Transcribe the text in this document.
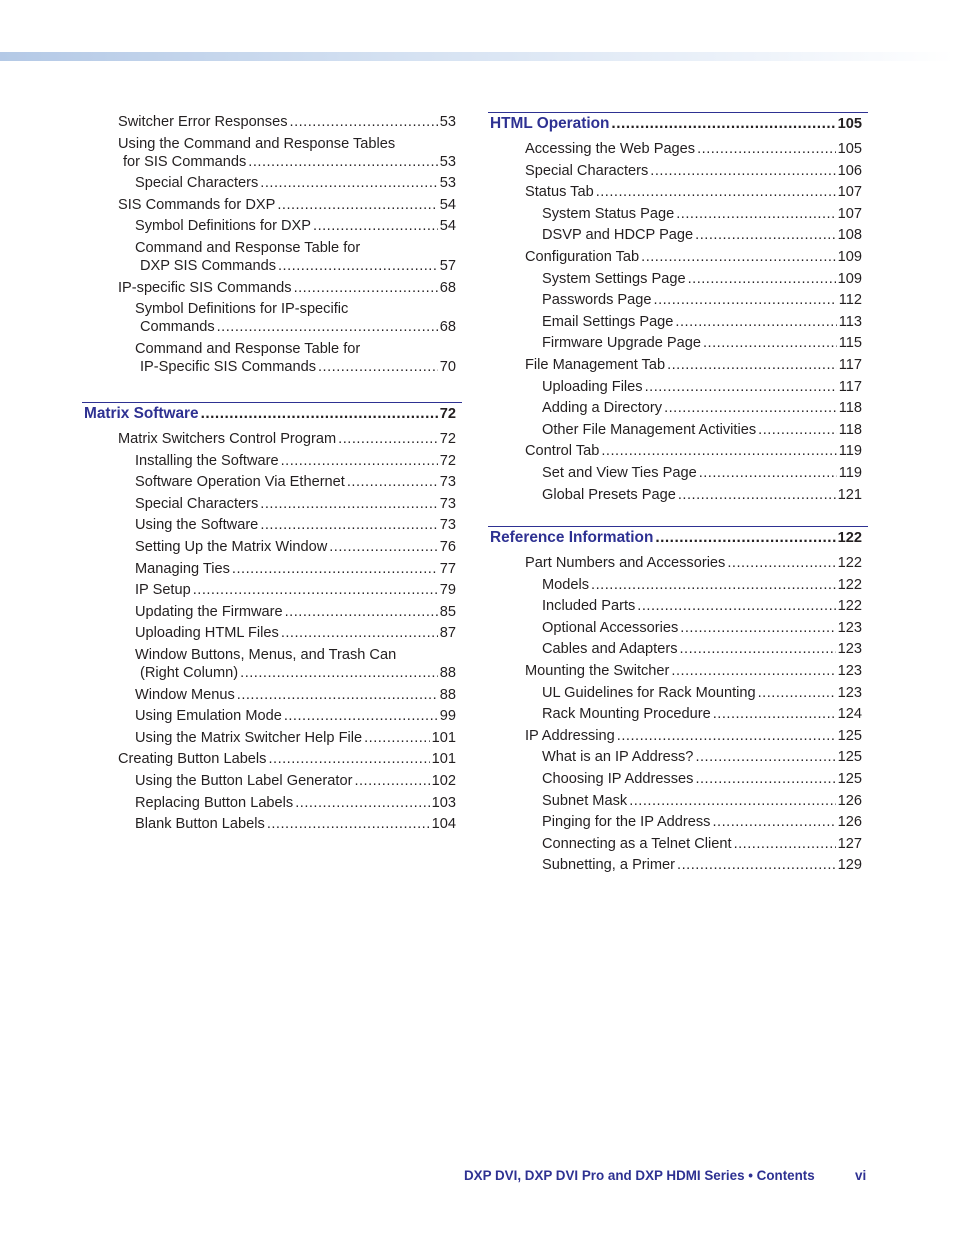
Switcher Error Responses .....	53
Using the Command and Response Tables
for SIS Commands .....	53
Special Characters .....	53
SIS Commands for DXP .....	54
Symbol Definitions for DXP .....	54
Command and Response Table for
DXP SIS Commands .....	57
IP-specific SIS Commands .....	68
Symbol Definitions for IP-specific
Commands .....	68
Command and Response Table for
IP-Specific SIS Commands .....	70
Matrix Software .....	72
Matrix Switchers Control Program .....	72
Installing the Software .....	72
Software Operation Via Ethernet .....	73
Special Characters .....	73
Using the Software .....	73
Setting Up the Matrix Window .....	76
Managing Ties .....	77
IP Setup .....	79
Updating the Firmware .....	85
Uploading HTML Files .....	87
Window Buttons, Menus, and Trash Can
(Right Column) .....	88
Window Menus .....	88
Using Emulation Mode .....	99
Using the Matrix Switcher Help File .....	101
Creating Button Labels .....	101
Using the Button Label Generator .....	102
Replacing Button Labels .....	103
Blank Button Labels .....	104
HTML Operation .....	105
Accessing the Web Pages .....	105
Special Characters .....	106
Status Tab .....	107
System Status Page .....	107
DSVP and HDCP Page .....	108
Configuration Tab .....	109
System Settings Page .....	109
Passwords Page .....	112
Email Settings Page .....	113
Firmware Upgrade Page .....	115
File Management Tab .....	117
Uploading Files .....	117
Adding a Directory .....	118
Other File Management Activities .....	118
Control Tab .....	119
Set and View Ties Page .....	119
Global Presets Page .....	121
Reference Information .....	122
Part Numbers and Accessories .....	122
Models .....	122
Included Parts .....	122
Optional Accessories .....	123
Cables and Adapters .....	123
Mounting the Switcher .....	123
UL Guidelines for Rack Mounting .....	123
Rack Mounting Procedure .....	124
IP Addressing .....	125
What is an IP Address? .....	125
Choosing IP Addresses .....	125
Subnet Mask .....	126
Pinging for the IP Address .....	126
Connecting as a Telnet Client .....	127
Subnetting, a Primer .....	129
DXP DVI, DXP DVI Pro and DXP HDMI Series • Contents	vi
